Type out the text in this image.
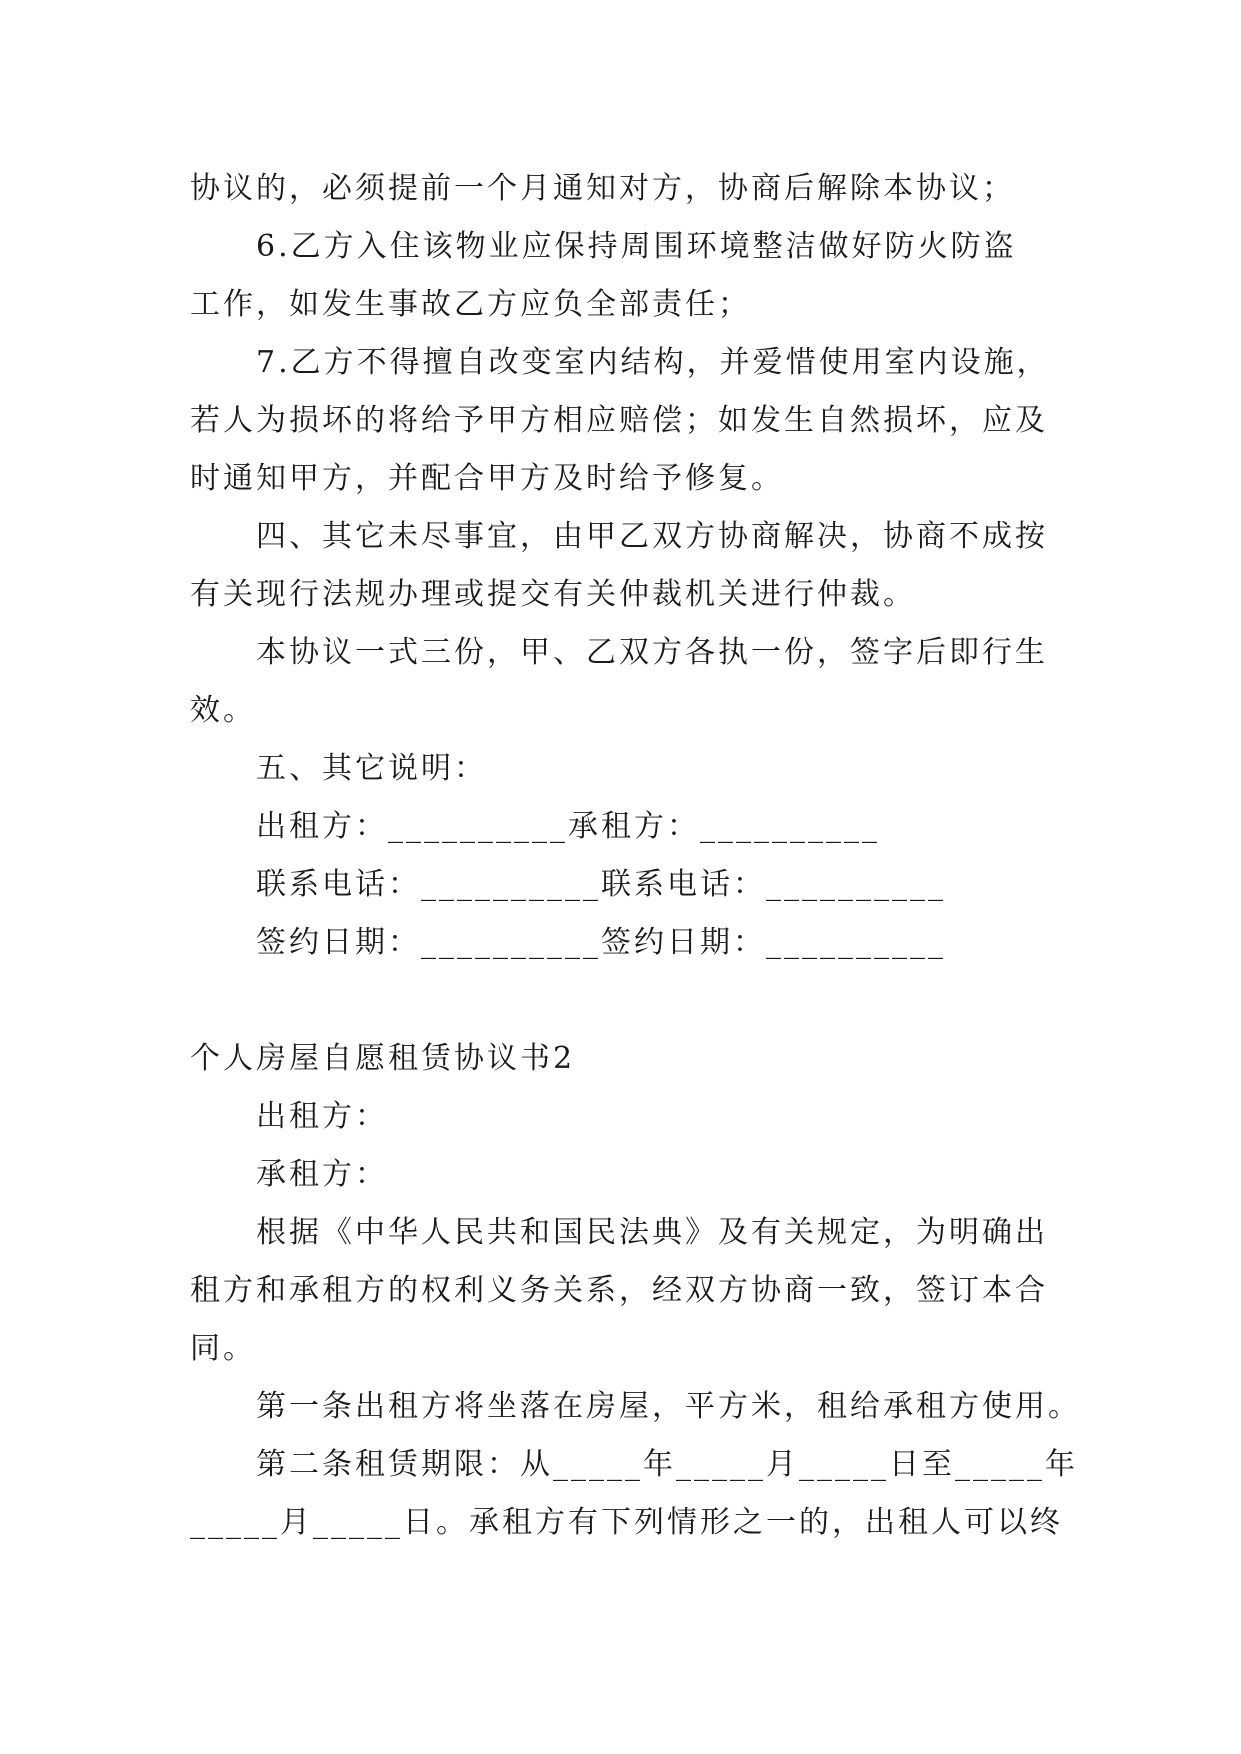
协议的，必须提前一个月通知对方，协商后解除本协议；
6.乙方入住该物业应保持周围环境整洁做好防火防盗
工作，如发生事故乙方应负全部责任；
7.乙方不得擅自改变室内结构，并爱惜使用室内设施，
若人为损坏的将给予甲方相应赔偿；如发生自然损坏，应及
时通知甲方，并配合甲方及时给予修复。
四、其它未尽事宜，由甲乙双方协商解决，协商不成按
有关现行法规办理或提交有关仲裁机关进行仲裁。
本协议一式三份，甲、乙双方各执一份，签字后即行生
效。
五、其它说明：
出租方：__________承租方：__________
联系电话：__________联系电话：__________
签约日期：__________签约日期：__________
个人房屋自愿租赁协议书2
出租方：
承租方：
根据《中华人民共和国民法典》及有关规定，为明确出
租方和承租方的权利义务关系，经双方协商一致，签订本合
同。
第一条出租方将坐落在房屋，平方米，租给承租方使用。
第二条租赁期限：从_____年_____月_____日至_____年
_____月_____日。承租方有下列情形之一的，出租人可以终
